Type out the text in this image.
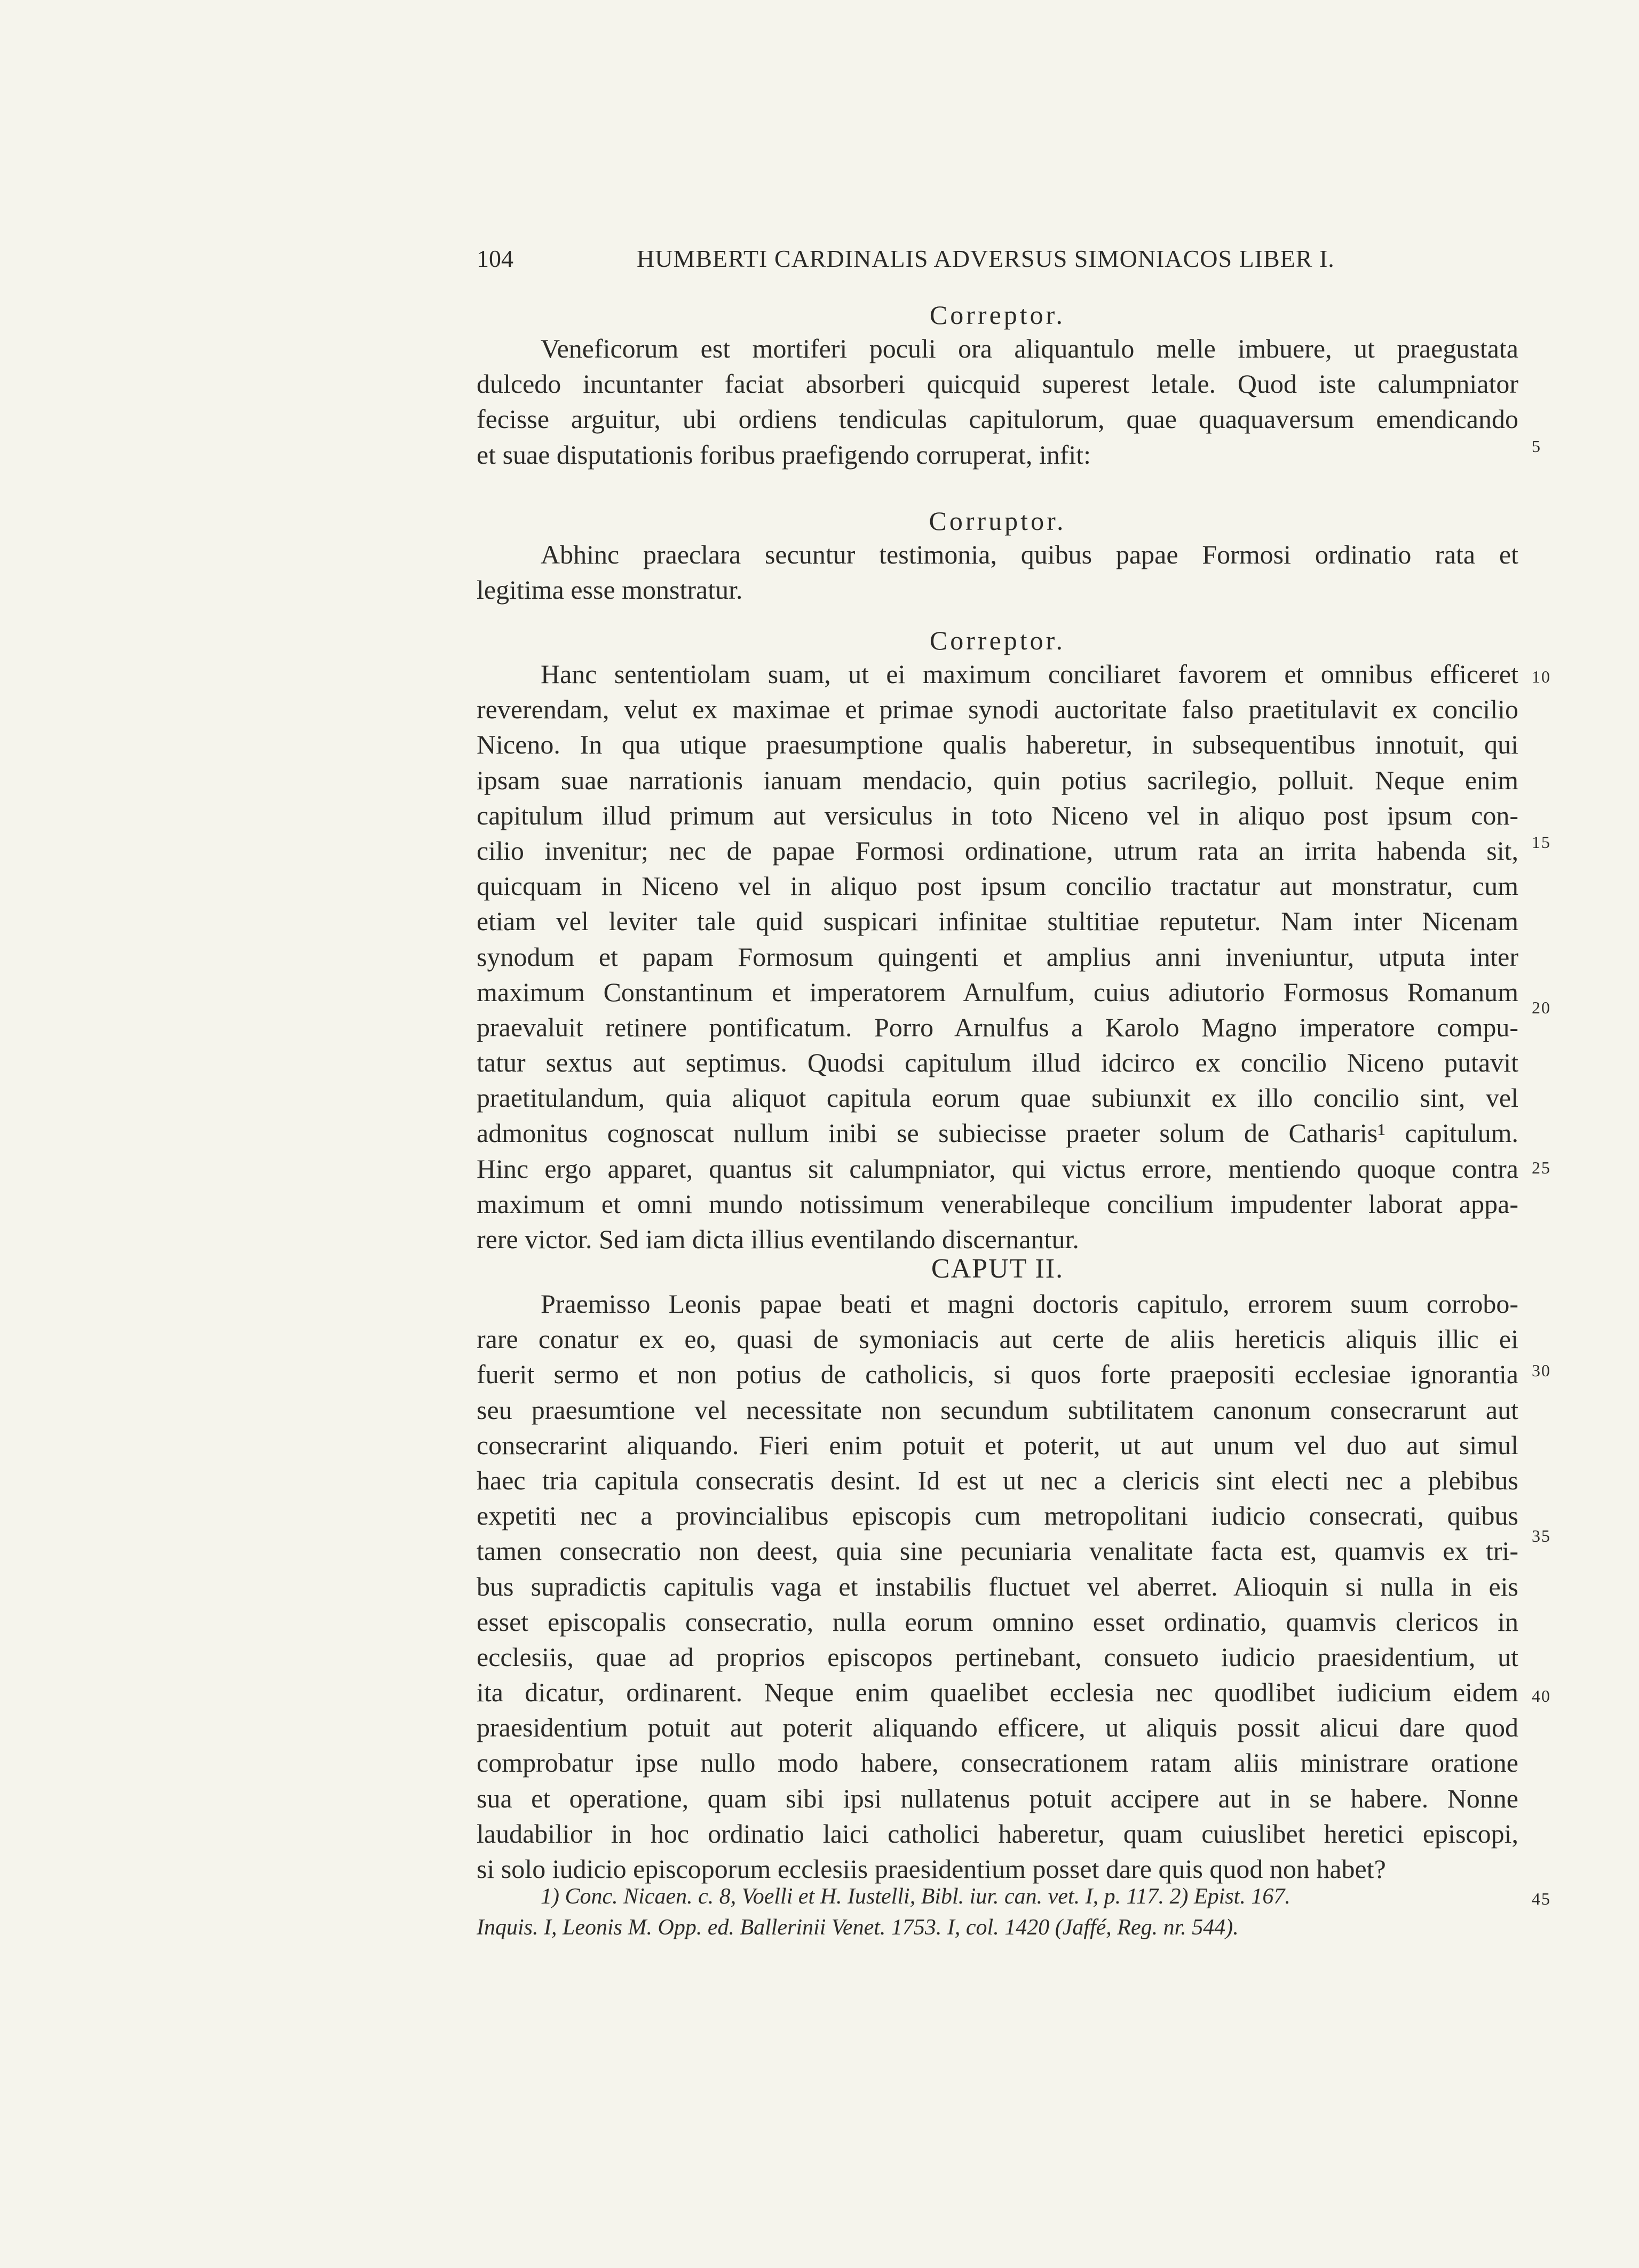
104	HUMBERTI CARDINALIS ADVERSUS SIMONIACOS LIBER I.
Correptor.
Veneficorum est mortiferi poculi ora aliquantulo melle imbuere, ut praegustata
dulcedo incuntanter faciat absorberi quicquid superest letale. Quod iste calumpniator
fecisse arguitur, ubi ordiens tendiculas capitulorum, quae quaquaversum emendicando
et suae disputationis foribus praefigendo corruperat, infit:
Corruptor.
Abhinc praeclara secuntur testimonia, quibus papae Formosi ordinatio rata et
legitima esse monstratur.
Correptor.
Hanc sententiolam suam, ut ei maximum conciliaret favorem et omnibus efficeret
reverendam, velut ex maximae et primae synodi auctoritate falso praetitulavit ex concilio
Niceno. In qua utique praesumptione qualis haberetur, in subsequentibus innotuit, qui
ipsam suae narrationis ianuam mendacio, quin potius sacrilegio, polluit. Neque enim
capitulum illud primum aut versiculus in toto Niceno vel in aliquo post ipsum con-
cilio invenitur; nec de papae Formosi ordinatione, utrum rata an irrita habenda sit,
quicquam in Niceno vel in aliquo post ipsum concilio tractatur aut monstratur, cum
etiam vel leviter tale quid suspicari infinitae stultitiae reputetur. Nam inter Nicenam
synodum et papam Formosum quingenti et amplius anni inveniuntur, utputa inter
maximum Constantinum et imperatorem Arnulfum, cuius adiutorio Formosus Romanum
praevaluit retinere pontificatum. Porro Arnulfus a Karolo Magno imperatore compu-
tatur sextus aut septimus. Quodsi capitulum illud idcirco ex concilio Niceno putavit
praetitulandum, quia aliquot capitula eorum quae subiunxit ex illo concilio sint, vel
admonitus cognoscat nullum inibi se subiecisse praeter solum de Catharis¹ capitulum.
Hinc ergo apparet, quantus sit calumpniator, qui victus errore, mentiendo quoque contra
maximum et omni mundo notissimum venerabileque concilium impudenter laborat appa-
rere victor. Sed iam dicta illius eventilando discernantur.
CAPUT II.
Praemisso Leonis papae beati et magni doctoris capitulo, errorem suum corrobo-
rare conatur ex eo, quasi de symoniacis aut certe de aliis hereticis aliquis illic ei
fuerit sermo et non potius de catholicis, si quos forte praepositi ecclesiae ignorantia
seu praesumtione vel necessitate non secundum subtilitatem canonum consecrarunt aut
consecrarint aliquando. Fieri enim potuit et poterit, ut aut unum vel duo aut simul
haec tria capitula consecratis desint. Id est ut nec a clericis sint electi nec a plebibus
expetiti nec a provincialibus episcopis cum metropolitani iudicio consecrati, quibus
tamen consecratio non deest, quia sine pecuniaria venalitate facta est, quamvis ex tri-
bus supradictis capitulis vaga et instabilis fluctuet vel aberret. Alioquin si nulla in eis
esset episcopalis consecratio, nulla eorum omnino esset ordinatio, quamvis clericos in
ecclesiis, quae ad proprios episcopos pertinebant, consueto iudicio praesidentium, ut
ita dicatur, ordinarent. Neque enim quaelibet ecclesia nec quodlibet iudicium eidem
praesidentium potuit aut poterit aliquando efficere, ut aliquis possit alicui dare quod
comprobatur ipse nullo modo habere, consecrationem ratam aliis ministrare oratione
sua et operatione, quam sibi ipsi nullatenus potuit accipere aut in se habere. Nonne
laudabilior in hoc ordinatio laici catholici haberetur, quam cuiuslibet heretici episcopi,
si solo iudicio episcoporum ecclesiis praesidentium posset dare quis quod non habet?
1) Conc. Nicaen. c. 8, Voelli et H. Iustelli, Bibl. iur. can. vet. I, p. 117. 2) Epist. 167.
Inquis. I, Leonis M. Opp. ed. Ballerinii Venet. 1753. I, col. 1420 (Jaffé, Reg. nr. 544).
5
10
15
20
25
30
35
40
45
